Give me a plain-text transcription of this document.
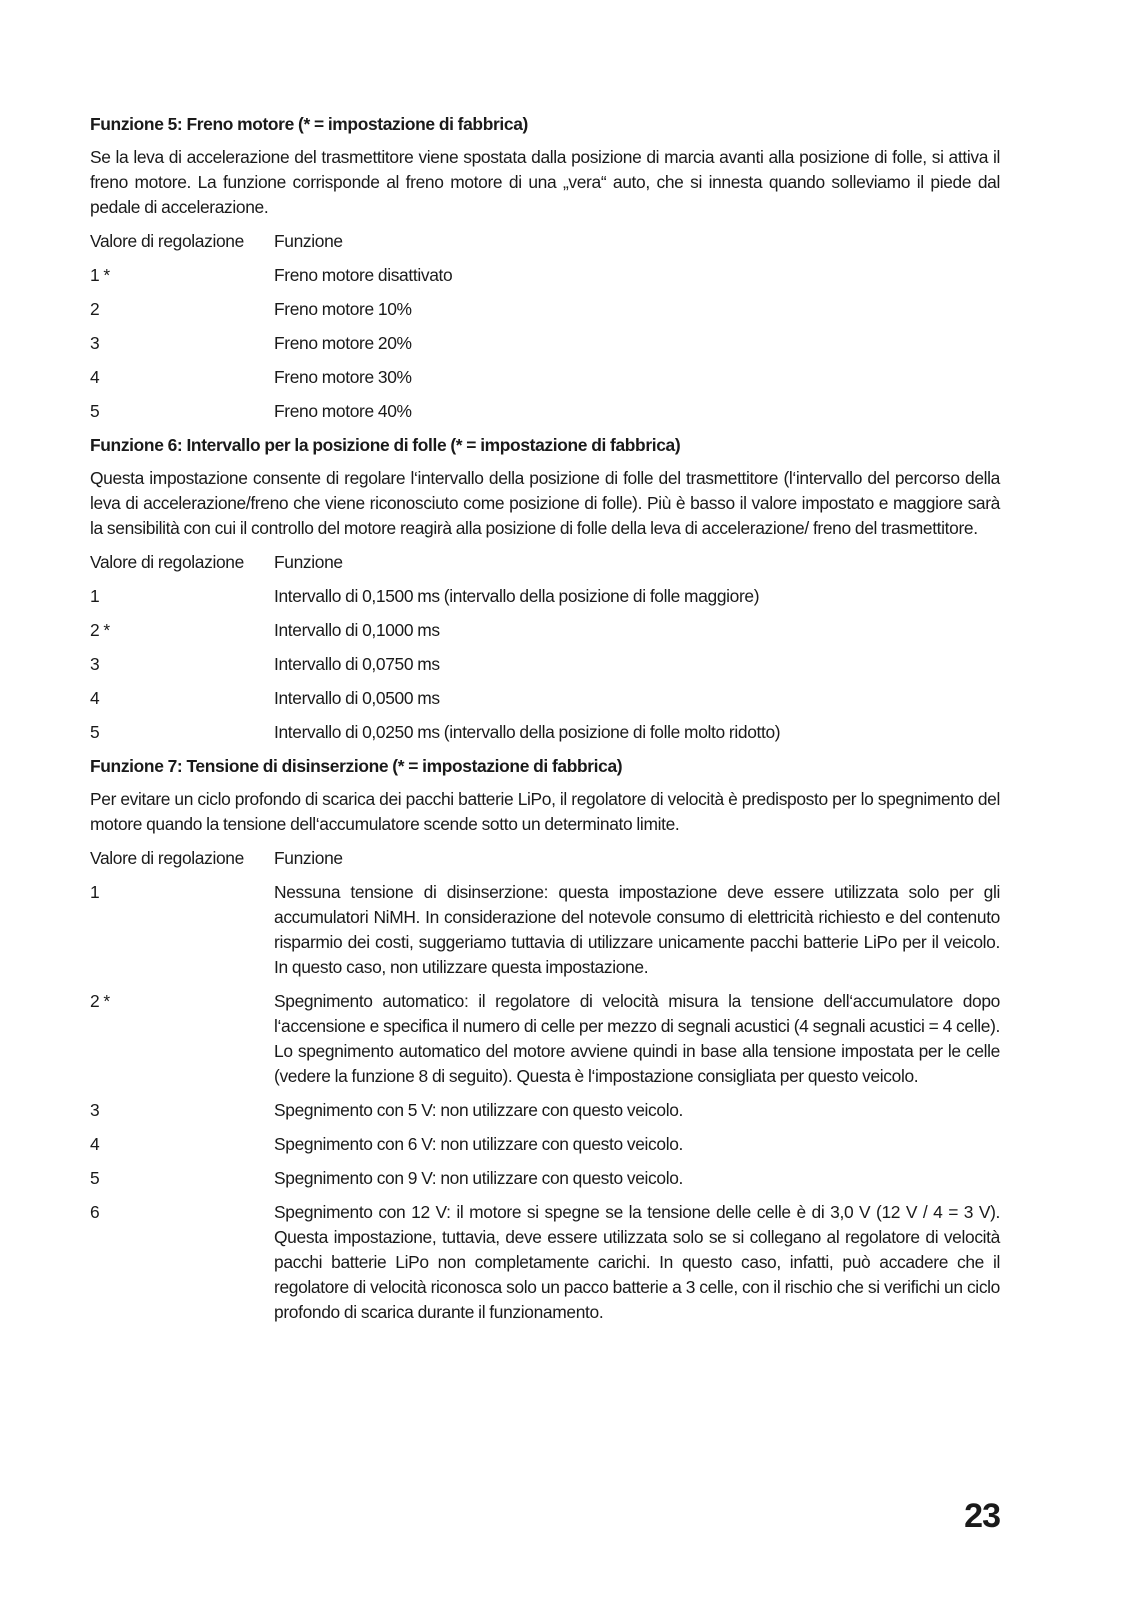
Funzione 5: Freno motore (* = impostazione di fabbrica)
Se la leva di accelerazione del trasmettitore viene spostata dalla posizione di marcia avanti alla posizione di folle, si attiva il freno motore. La funzione corrisponde al freno motore di una „vera“ auto, che si innesta quando solleviamo il piede dal pedale di accelerazione.
Valore di regolazione	Funzione
1 *	Freno motore disattivato
2	Freno motore 10%
3	Freno motore 20%
4	Freno motore 30%
5	Freno motore 40%
Funzione 6: Intervallo per la posizione di folle (* = impostazione di fabbrica)
Questa impostazione consente di regolare l‘intervallo della posizione di folle del trasmettitore (l‘intervallo del percorso della leva di accelerazione/freno che viene riconosciuto come posizione di folle). Più è basso il valore impostato e maggiore sarà la sensibilità con cui il controllo del motore reagirà alla posizione di folle della leva di accelerazione/ freno del trasmettitore.
Valore di regolazione	Funzione
1	Intervallo di 0,1500 ms (intervallo della posizione di folle maggiore)
2 *	Intervallo di 0,1000 ms
3	Intervallo di 0,0750 ms
4	Intervallo di 0,0500 ms
5	Intervallo di 0,0250 ms (intervallo della posizione di folle molto ridotto)
Funzione 7: Tensione di disinserzione (* = impostazione di fabbrica)
Per evitare un ciclo profondo di scarica dei pacchi batterie LiPo, il regolatore di velocità è predisposto per lo spegnimento del motore quando la tensione dell‘accumulatore scende sotto un determinato limite.
Valore di regolazione	Funzione
1	Nessuna tensione di disinserzione: questa impostazione deve essere utilizzata solo per gli accumulatori NiMH. In considerazione del notevole consumo di elettricità richiesto e del contenuto risparmio dei costi, suggeriamo tuttavia di utilizzare unicamente pacchi batterie LiPo per il veicolo. In questo caso, non utilizzare questa impostazione.
2 *	Spegnimento automatico: il regolatore di velocità misura la tensione dell‘accumulatore dopo l‘accensione e specifica il numero di celle per mezzo di segnali acustici (4 segnali acustici = 4 celle). Lo spegnimento automatico del motore avviene quindi in base alla tensione impostata per le celle (vedere la funzione 8 di seguito). Questa è l‘impostazione consigliata per questo veicolo.
3	Spegnimento con 5 V: non utilizzare con questo veicolo.
4	Spegnimento con 6 V: non utilizzare con questo veicolo.
5	Spegnimento con 9 V: non utilizzare con questo veicolo.
6	Spegnimento con 12 V: il motore si spegne se la tensione delle celle è di 3,0 V (12 V / 4 = 3 V). Questa impostazione, tuttavia, deve essere utilizzata solo se si collegano al regolatore di velocità pacchi batterie LiPo non completamente carichi. In questo caso, infatti, può accadere che il regolatore di velocità riconosca solo un pacco batterie a 3 celle, con il rischio che si verifichi un ciclo profondo di scarica durante il funzionamento.
23
